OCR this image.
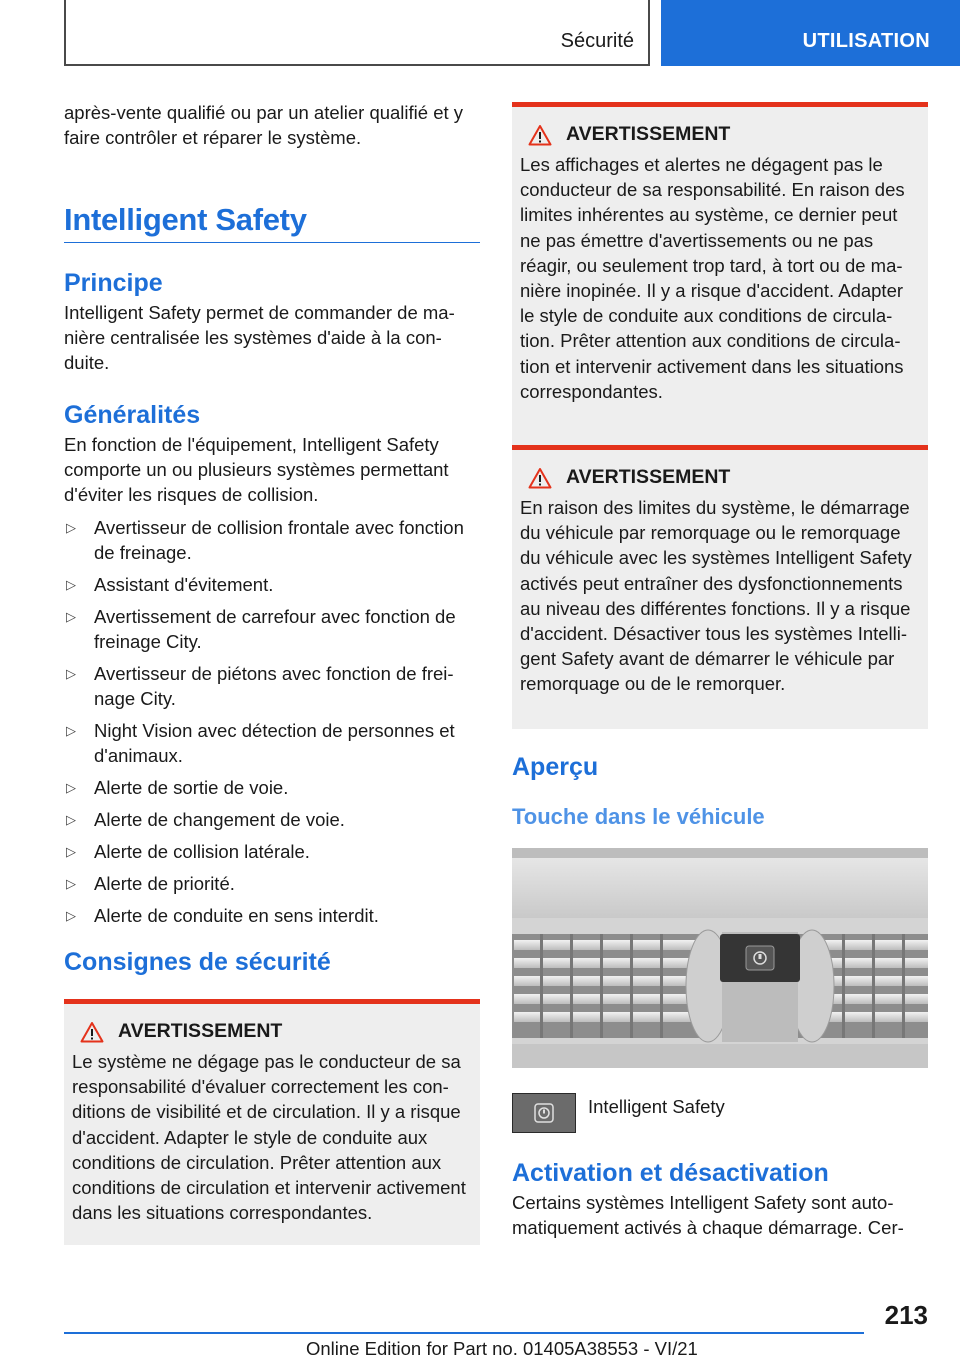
Sécurité	UTILISATION

après-vente qualifié ou par un atelier qualifié et y faire contrôler et réparer le système.

Intelligent Safety
Principe

Intelligent Safety permet de commander de manière centralisée les systèmes d'aide à la conduite.

Généralités

En fonction de l'équipement, Intelligent Safety comporte un ou plusieurs systèmes permettant d'éviter les risques de collision.

▷ Avertisseur de collision frontale avec fonction de freinage.
▷ Assistant d'évitement.
▷ Avertissement de carrefour avec fonction de freinage City.
▷ Avertisseur de piétons avec fonction de freinage City.
▷ Night Vision avec détection de personnes et d'animaux.
▷ Alerte de sortie de voie.
▷ Alerte de changement de voie.
▷ Alerte de collision latérale.
▷ Alerte de priorité.
▷ Alerte de conduite en sens interdit.
Consignes de sécurité
AVERTISSEMENT

Le système ne dégage pas le conducteur de sa responsabilité d'évaluer correctement les conditions de visibilité et de circulation. Il y a risque d'accident. Adapter le style de conduite aux conditions de circulation. Prêter attention aux conditions de circulation et intervenir activement dans les situations correspondantes.

AVERTISSEMENT

Les affichages et alertes ne dégagent pas le conducteur de sa responsabilité. En raison des limites inhérentes au système, ce dernier peut ne pas émettre d'avertissements ou ne pas réagir, ou seulement trop tard, à tort ou de manière inopinée. Il y a risque d'accident. Adapter le style de conduite aux conditions de circulation. Prêter attention aux conditions de circulation et intervenir activement dans les situations correspondantes.

AVERTISSEMENT

En raison des limites du système, le démarrage du véhicule par remorquage ou le remorquage du véhicule avec les systèmes Intelligent Safety activés peut entraîner des dysfonctionnements au niveau des différentes fonctions. Il y a risque d'accident. Désactiver tous les systèmes Intelligent Safety avant de démarrer le véhicule par remorquage ou de le remorquer.

Aperçu
Touche dans le véhicule
Intelligent Safety
Activation et désactivation

Certains systèmes Intelligent Safety sont automatiquement activés à chaque démarrage. Cer-

213
Online Edition for Part no. 01405A38553 - VI/21
